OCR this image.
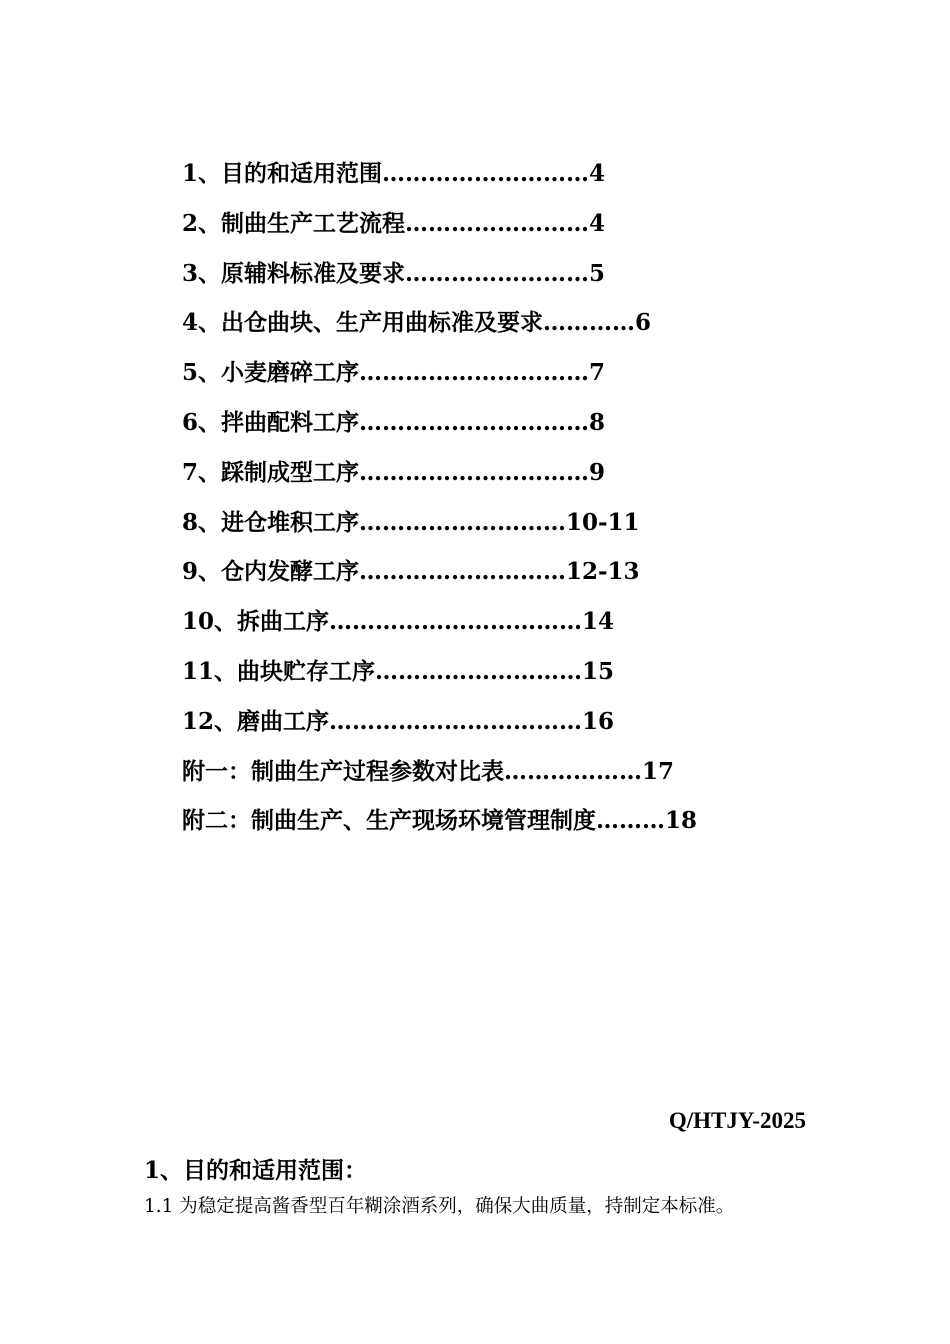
1、目的和适用范围………………………4
2、制曲生产工艺流程……………………4
3、原辅料标准及要求……………………5
4、出仓曲块、生产用曲标准及要求…………6
5、小麦磨碎工序…………………………7
6、拌曲配料工序…………………………8
7、踩制成型工序…………………………9
8、进仓堆积工序………………………10-11
9、仓内发酵工序………………………12-13
10、拆曲工序……………………………14
11、曲块贮存工序………………………15
12、磨曲工序……………………………16
附一：制曲生产过程参数对比表………………17
附二：制曲生产、生产现场环境管理制度………18
Q/HTJY-2025
1、目的和适用范围：
1.1 为稳定提高酱香型百年糊涂酒系列，确保大曲质量，持制定本标准。
